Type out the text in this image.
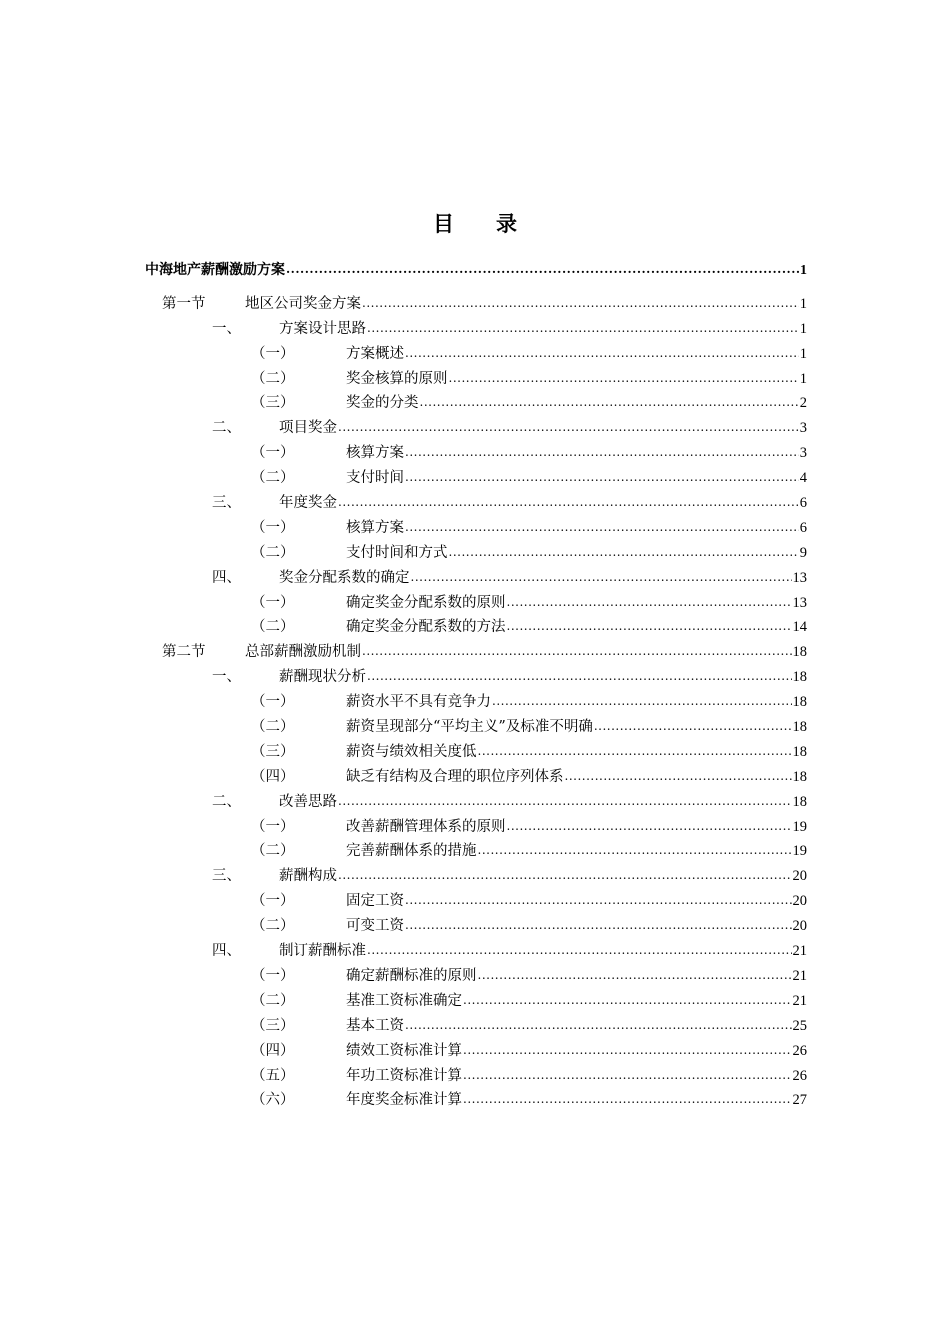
目 录
中海地产薪酬激励方案 .....	1
第一节	地区公司奖金方案 .....	1
一、	方案设计思路 .....	1
（一）	方案概述 .....	1
（二）	奖金核算的原则 .....	1
（三）	奖金的分类 .....	2
二、	项目奖金 .....	3
（一）	核算方案 .....	3
（二）	支付时间 .....	4
三、	年度奖金 .....	6
（一）	核算方案 .....	6
（二）	支付时间和方式 .....	9
四、	奖金分配系数的确定 .....	13
（一）	确定奖金分配系数的原则 .....	13
（二）	确定奖金分配系数的方法 .....	14
第二节	总部薪酬激励机制 .....	18
一、	薪酬现状分析 .....	18
（一）	薪资水平不具有竞争力 .....	18
（二）	薪资呈现部分“平均主义”及标准不明确 .....	18
（三）	薪资与绩效相关度低 .....	18
（四）	缺乏有结构及合理的职位序列体系 .....	18
二、	改善思路 .....	18
（一）	改善薪酬管理体系的原则 .....	19
（二）	完善薪酬体系的措施 .....	19
三、	薪酬构成 .....	20
（一）	固定工资 .....	20
（二）	可变工资 .....	20
四、	制订薪酬标准 .....	21
（一）	确定薪酬标准的原则 .....	21
（二）	基准工资标准确定 .....	21
（三）	基本工资 .....	25
（四）	绩效工资标准计算 .....	26
（五）	年功工资标准计算 .....	26
（六）	年度奖金标准计算 .....	27
